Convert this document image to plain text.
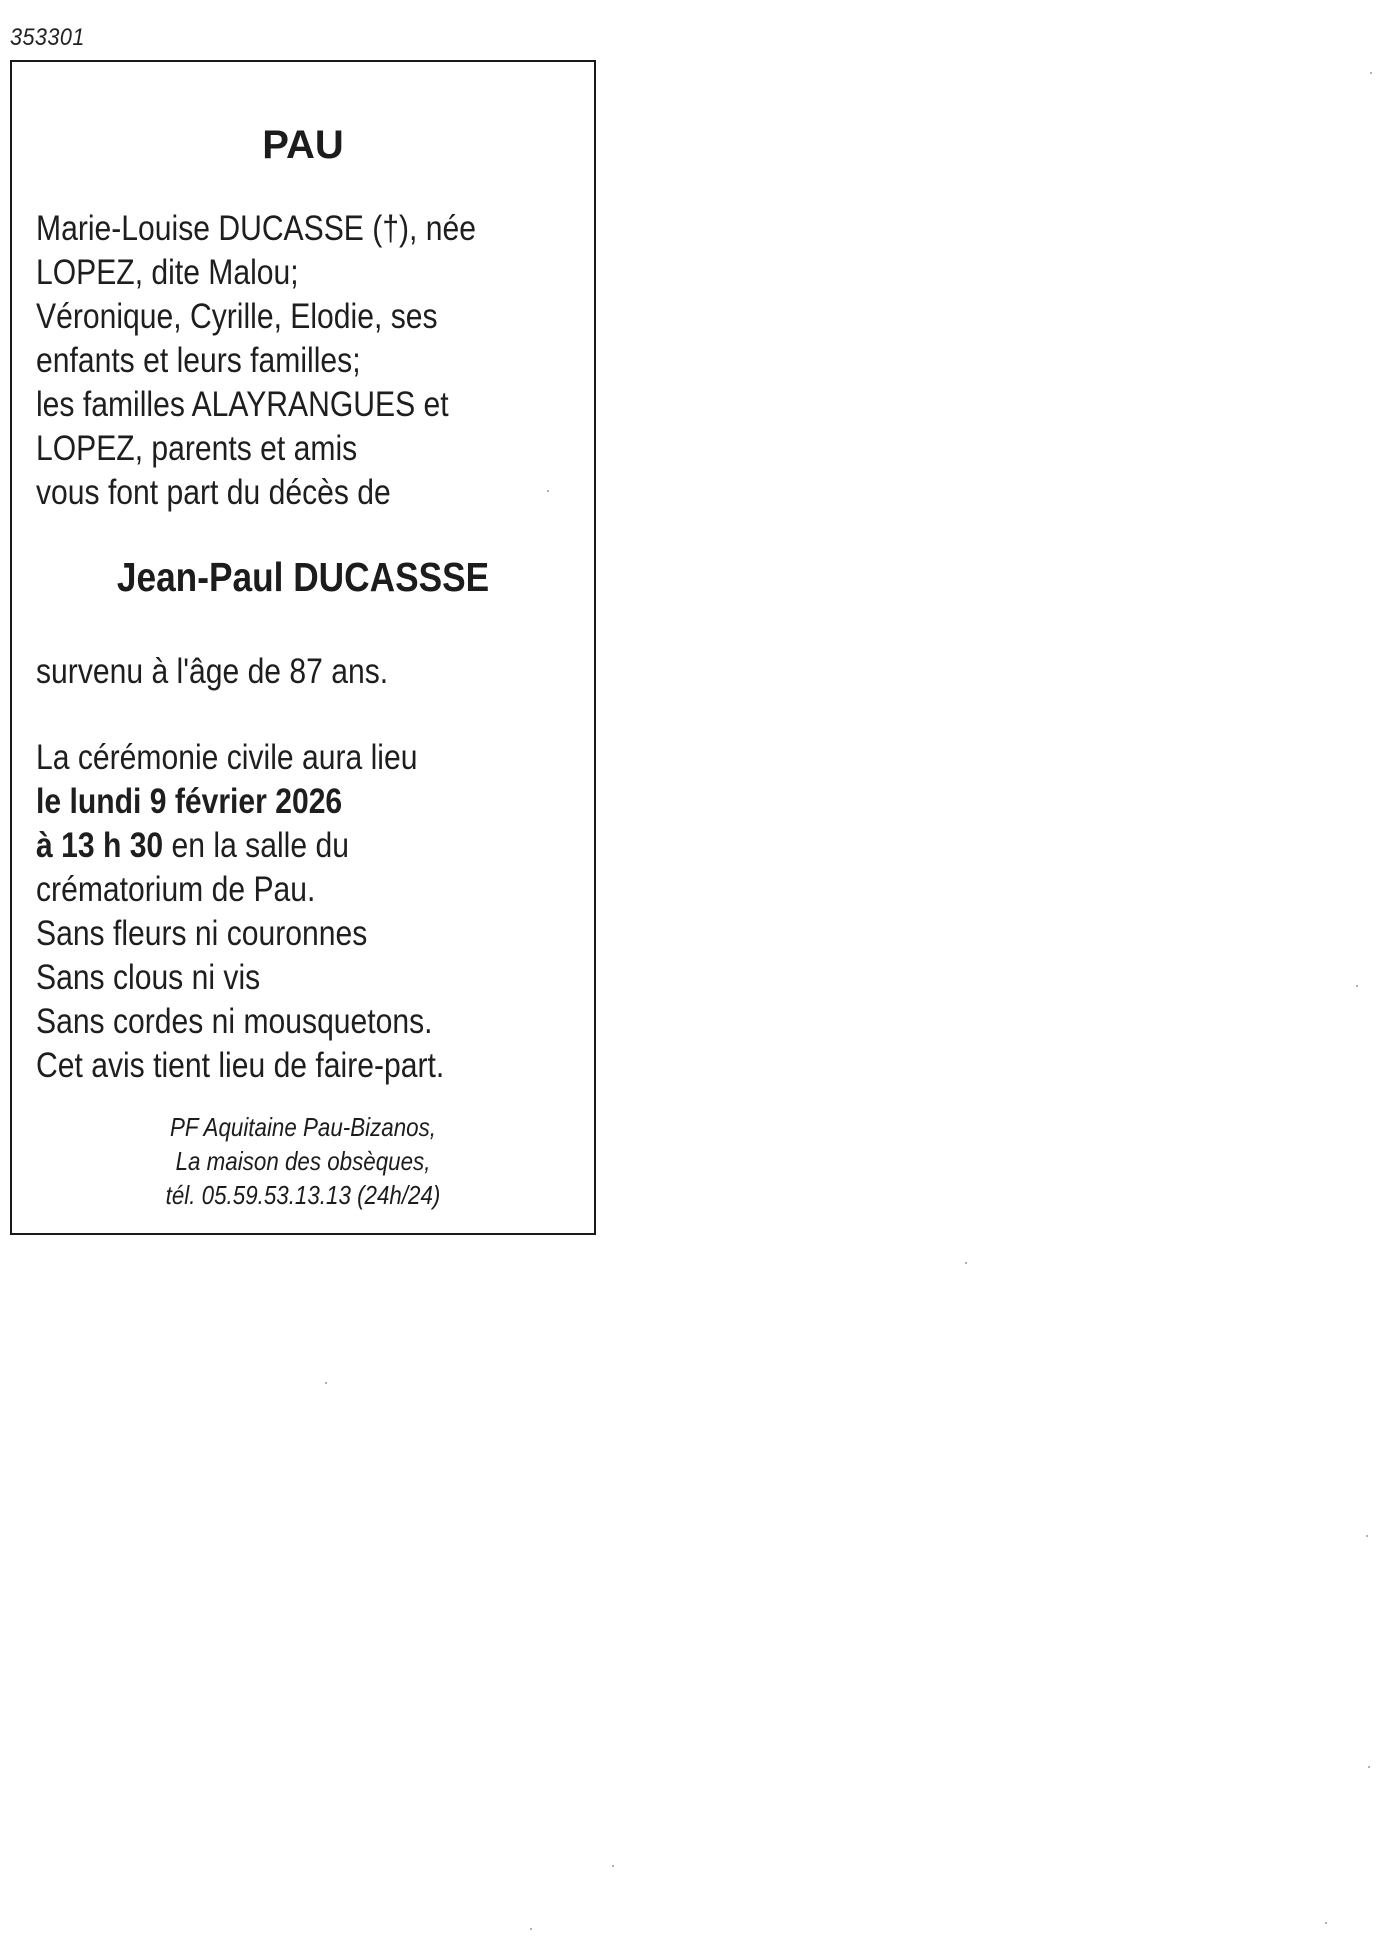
353301
PAU
Marie-Louise DUCASSE (†), née
LOPEZ, dite Malou;
Véronique, Cyrille, Elodie, ses
enfants et leurs familles;
les familles ALAYRANGUES et
LOPEZ, parents et amis
vous font part du décès de
Jean-Paul DUCASSSE
survenu à l'âge de 87 ans.
La cérémonie civile aura lieu
le lundi 9 février 2026
à 13 h 30 en la salle du
crématorium de Pau.
Sans fleurs ni couronnes
Sans clous ni vis
Sans cordes ni mousquetons.
Cet avis tient lieu de faire-part.
PF Aquitaine Pau-Bizanos,
La maison des obsèques,
tél. 05.59.53.13.13 (24h/24)
